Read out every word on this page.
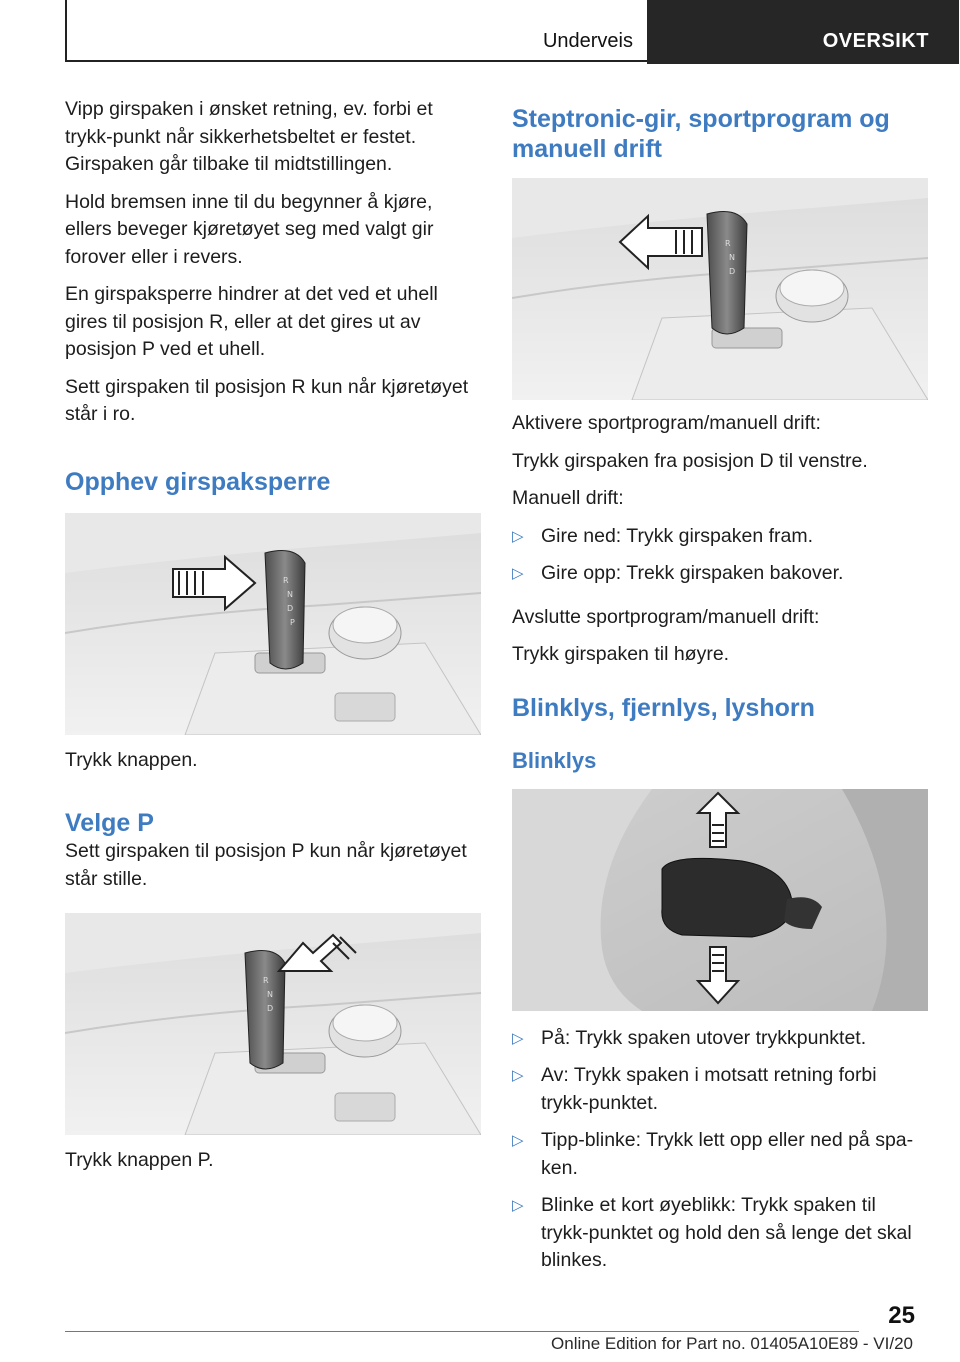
Underveis	OVERSIKT

Vipp girspaken i ønsket retning, ev. forbi et trykk-punkt når sikkerhetsbeltet er festet. Girspaken går tilbake til midtstillingen.

Hold bremsen inne til du begynner å kjøre, ellers beveger kjøretøyet seg med valgt gir forover eller i revers.

En girspaksperre hindrer at det ved et uhell gires til posisjon R, eller at det gires ut av posisjon P ved et uhell.

Sett girspaken til posisjon R kun når kjøretøyet står i ro.

Opphev girspaksperre
R
N
D
P

Trykk knappen.

Velge P

Sett girspaken til posisjon P kun når kjøretøyet står stille.

R
N
D

Trykk knappen P.

Steptronic-gir, sportprogram og manuell drift
R
N
D

Aktivere sportprogram/manuell drift:

Trykk girspaken fra posisjon D til venstre.

Manuell drift:

▷ Gire ned: Trykk girspaken fram.
▷ Gire opp: Trekk girspaken bakover.

Avslutte sportprogram/manuell drift:

Trykk girspaken til høyre.

Blinklys, fjernlys, lyshorn
Blinklys
▷ På: Trykk spaken utover trykkpunktet.
▷ Av: Trykk spaken i motsatt retning forbi trykk-punktet.
▷ Tipp-blinke: Trykk lett opp eller ned på spa-ken.
▷ Blinke et kort øyeblikk: Trykk spaken til trykk-punktet og hold den så lenge det skal blinkes.
25
Online Edition for Part no. 01405A10E89 - VI/20
